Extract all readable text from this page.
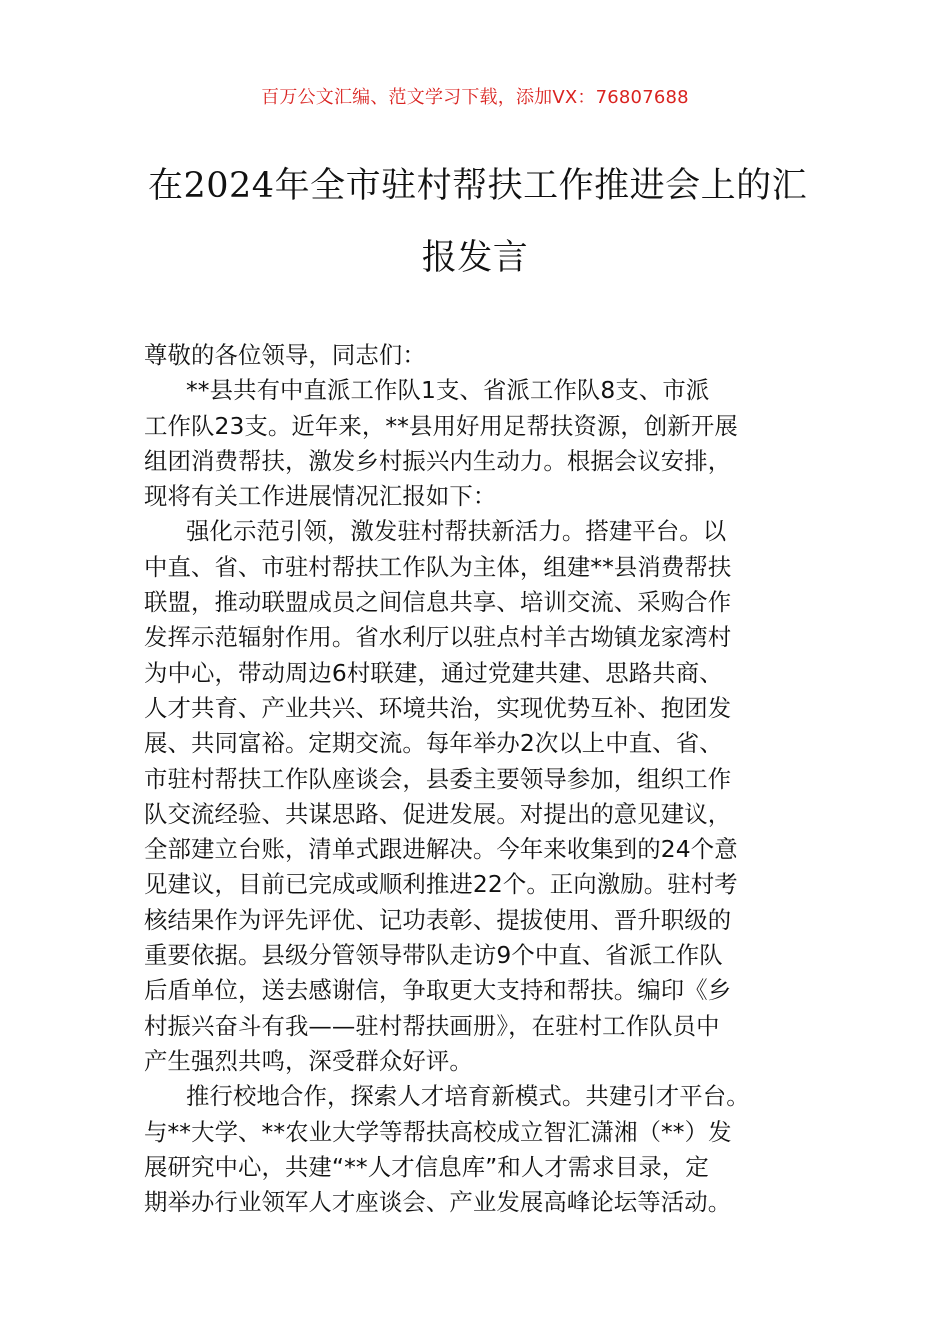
百万公文汇编、范文学习下载，添加VX：76807688
在2024年全市驻村帮扶工作推进会上的汇
报发言
尊敬的各位领导，同志们：
**县共有中直派工作队1支、省派工作队8支、市派
工作队23支。近年来，**县用好用足帮扶资源，创新开展
组团消费帮扶，激发乡村振兴内生动力。根据会议安排，
现将有关工作进展情况汇报如下：
强化示范引领，激发驻村帮扶新活力。搭建平台。以
中直、省、市驻村帮扶工作队为主体，组建**县消费帮扶
联盟，推动联盟成员之间信息共享、培训交流、采购合作
发挥示范辐射作用。省水利厅以驻点村羊古坳镇龙家湾村
为中心，带动周边6村联建，通过党建共建、思路共商、
人才共育、产业共兴、环境共治，实现优势互补、抱团发
展、共同富裕。定期交流。每年举办2次以上中直、省、
市驻村帮扶工作队座谈会，县委主要领导参加，组织工作
队交流经验、共谋思路、促进发展。对提出的意见建议，
全部建立台账，清单式跟进解决。今年来收集到的24个意
见建议，目前已完成或顺利推进22个。正向激励。驻村考
核结果作为评先评优、记功表彰、提拔使用、晋升职级的
重要依据。县级分管领导带队走访9个中直、省派工作队
后盾单位，送去感谢信，争取更大支持和帮扶。编印《乡
村振兴奋斗有我——驻村帮扶画册》，在驻村工作队员中
产生强烈共鸣，深受群众好评。
推行校地合作，探索人才培育新模式。共建引才平台。
与**大学、**农业大学等帮扶高校成立智汇潇湘（**）发
展研究中心，共建“**人才信息库”和人才需求目录，定
期举办行业领军人才座谈会、产业发展高峰论坛等活动。
